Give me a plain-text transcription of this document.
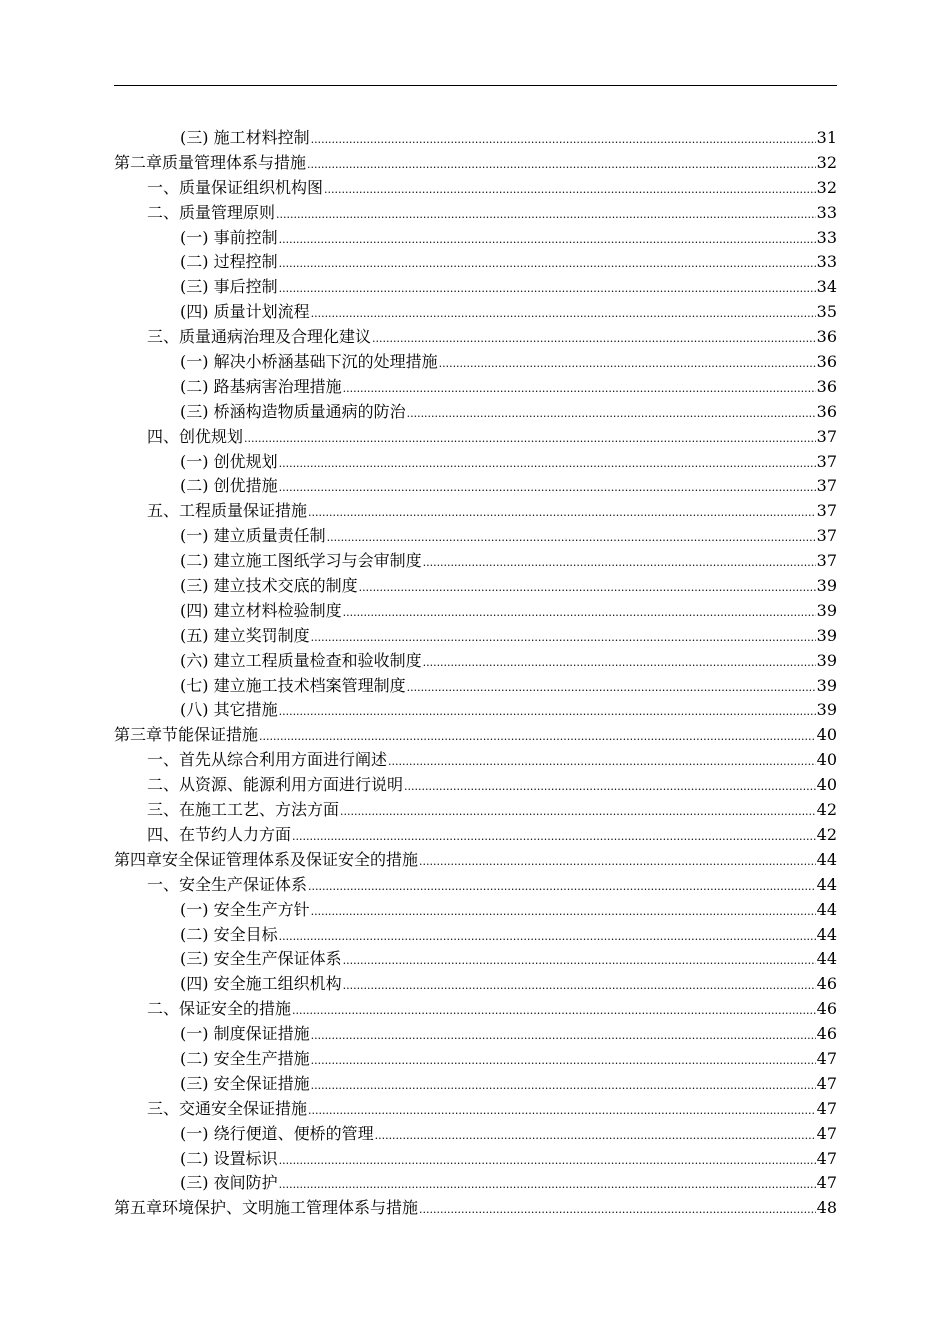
(三) 施工材料控制 .....	31
第二章 质量管理体系与措施 .....	32
一、质量保证组织机构图 .....	32
二、质量管理原则 .....	33
(一) 事前控制 .....	33
(二) 过程控制 .....	33
(三) 事后控制 .....	34
(四) 质量计划流程 .....	35
三、质量通病治理及合理化建议 .....	36
(一) 解决小桥涵基础下沉的处理措施 .....	36
(二) 路基病害治理措施 .....	36
(三) 桥涵构造物质量通病的防治 .....	36
四、创优规划 .....	37
(一) 创优规划 .....	37
(二) 创优措施 .....	37
五、工程质量保证措施 .....	37
(一) 建立质量责任制 .....	37
(二) 建立施工图纸学习与会审制度 .....	37
(三) 建立技术交底的制度 .....	39
(四) 建立材料检验制度 .....	39
(五) 建立奖罚制度 .....	39
(六) 建立工程质量检查和验收制度 .....	39
(七) 建立施工技术档案管理制度 .....	39
(八) 其它措施 .....	39
第三章 节能保证措施 .....	40
一、首先从综合利用方面进行阐述 .....	40
二、从资源、能源利用方面进行说明 .....	40
三、在施工工艺、方法方面 .....	42
四、在节约人力方面 .....	42
第四章 安全保证管理体系及保证安全的措施 .....	44
一、安全生产保证体系 .....	44
(一) 安全生产方针 .....	44
(二) 安全目标 .....	44
(三) 安全生产保证体系 .....	44
(四) 安全施工组织机构 .....	46
二、保证安全的措施 .....	46
(一) 制度保证措施 .....	46
(二) 安全生产措施 .....	47
(三) 安全保证措施 .....	47
三、交通安全保证措施 .....	47
(一) 绕行便道、便桥的管理 .....	47
(二) 设置标识 .....	47
(三) 夜间防护 .....	47
第五章 环境保护、文明施工管理体系与措施 .....	48
